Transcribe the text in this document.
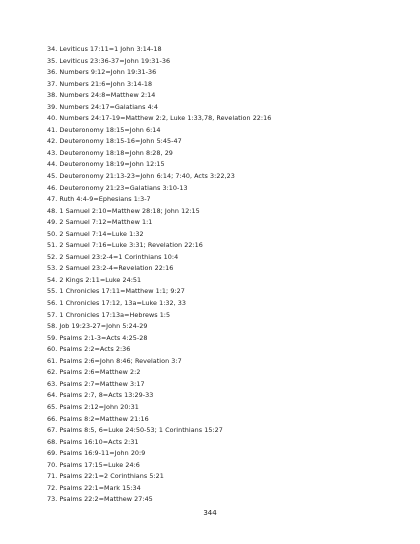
34. Leviticus 17:11=1 John 3:14-18
35. Leviticus 23:36-37=John 19:31-36
36. Numbers 9:12=John 19:31-36
37. Numbers 21:6=John 3:14-18
38. Numbers 24:8=Matthew 2:14
39. Numbers 24:17=Galatians 4:4
40. Numbers 24:17-19=Matthew 2:2, Luke 1:33,78, Revelation 22:16
41. Deuteronomy 18:15=John 6:14
42. Deuteronomy 18:15-16=John 5:45-47
43. Deuteronomy 18:18=John 8:28, 29
44. Deuteronomy 18:19=John 12:15
45. Deuteronomy 21:13-23=John 6:14; 7:40, Acts 3:22,23
46. Deuteronomy 21:23=Galatians 3:10-13
47. Ruth 4:4-9=Ephesians 1:3-7
48. 1 Samuel 2:10=Matthew 28:18; John 12:15
49. 2 Samuel 7:12=Matthew 1:1
50. 2 Samuel 7:14=Luke 1:32
51. 2 Samuel 7:16=Luke 3:31; Revelation 22:16
52. 2 Samuel 23:2-4=1 Corinthians 10:4
53. 2 Samuel 23:2-4=Revelation 22:16
54. 2 Kings 2:11=Luke 24:51
55. 1 Chronicles 17:11=Matthew 1:1; 9:27
56. 1 Chronicles 17:12, 13a=Luke 1:32, 33
57. 1 Chronicles 17:13a=Hebrews 1:5
58. Job 19:23-27=John 5:24-29
59. Psalms 2:1-3=Acts 4:25-28
60. Psalms 2:2=Acts 2:36
61. Psalms 2:6=John 8:46; Revelation 3:7
62. Psalms 2:6=Matthew 2:2
63. Psalms 2:7=Matthew 3:17
64. Psalms 2:7, 8=Acts 13:29-33
65. Psalms 2:12=John 20:31
66. Psalms 8:2=Matthew 21:16
67. Psalms 8:5, 6=Luke 24:50-53; 1 Corinthians 15:27
68. Psalms 16:10=Acts 2:31
69. Psalms 16:9-11=John 20:9
70. Psalms 17:15=Luke 24:6
71. Psalms 22:1=2 Corinthians 5:21
72. Psalms 22:1=Mark 15:34
73. Psalms 22:2=Matthew 27:45
344
